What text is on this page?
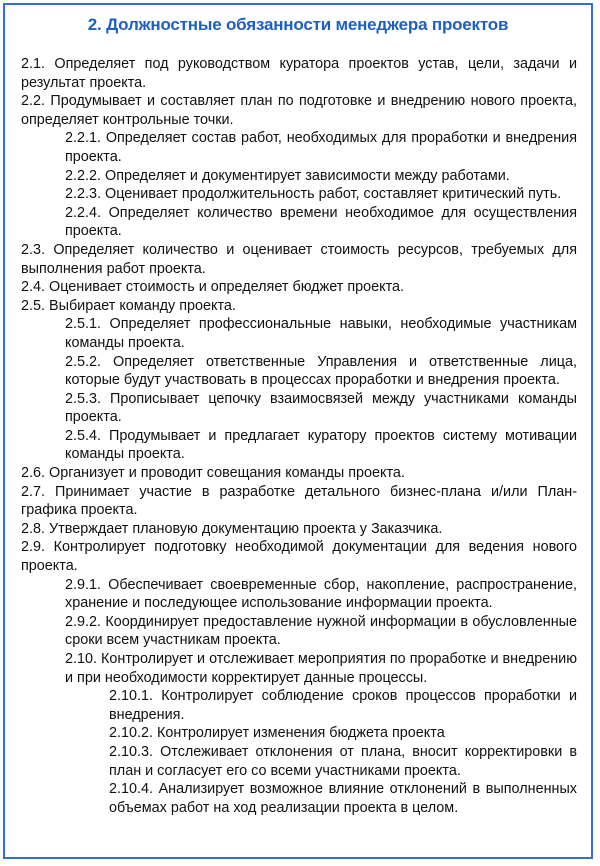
2. Должностные обязанности менеджера проектов

2.1. Определяет под руководством куратора проектов устав, цели, задачи и результат проекта.

2.2. Продумывает и составляет план по подготовке и внедрению нового проекта, определяет контрольные точки.

2.2.1. Определяет состав работ, необходимых для проработки и внедрения проекта.

2.2.2. Определяет и документирует зависимости между работами.

2.2.3. Оценивает продолжительность работ, составляет критический путь.

2.2.4. Определяет количество времени необходимое для осуществления проекта.

2.3. Определяет количество и оценивает стоимость ресурсов, требуемых для выполнения работ проекта.

2.4. Оценивает стоимость и определяет бюджет проекта.

2.5. Выбирает команду проекта.

2.5.1. Определяет профессиональные навыки, необходимые участникам команды проекта.

2.5.2. Определяет ответственные Управления и ответственные лица, которые будут участвовать в процессах проработки и внедрения проекта.

2.5.3. Прописывает цепочку взаимосвязей между участниками команды проекта.

2.5.4. Продумывает и предлагает куратору проектов систему мотивации команды проекта.

2.6. Организует и проводит совещания команды проекта.

2.7. Принимает участие в разработке детального бизнес-плана и/или План-графика проекта.

2.8. Утверждает плановую документацию проекта у Заказчика.

2.9. Контролирует подготовку необходимой документации для ведения нового проекта.

2.9.1. Обеспечивает своевременные сбор, накопление, распространение, хранение и последующее использование информации проекта.

2.9.2. Координирует предоставление нужной информации в обусловленные сроки всем участникам проекта.

2.10. Контролирует и отслеживает мероприятия по проработке и внедрению и при необходимости корректирует данные процессы.

2.10.1. Контролирует соблюдение сроков процессов проработки и внедрения.

2.10.2. Контролирует изменения бюджета проекта

2.10.3. Отслеживает отклонения от плана, вносит корректировки в план и согласует его со всеми участниками проекта.

2.10.4. Анализирует возможное влияние отклонений в выполненных объемах работ на ход реализации проекта в целом.
